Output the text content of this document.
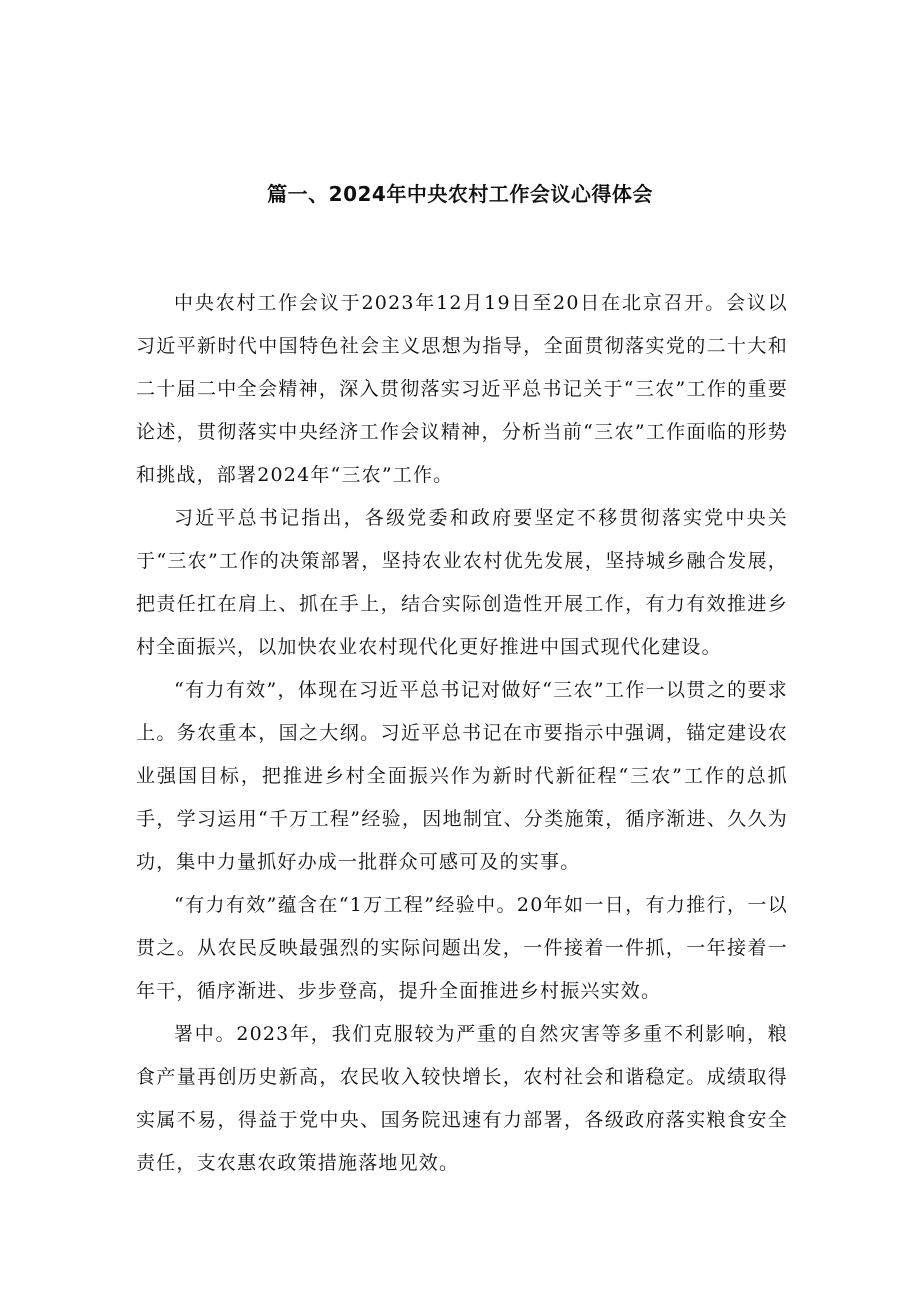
篇一、2024年中央农村工作会议心得体会

中央农村工作会议于2023年12月19日至20日在北京召开。会议以习近平新时代中国特色社会主义思想为指导，全面贯彻落实党的二十大和二十届二中全会精神，深入贯彻落实习近平总书记关于“三农”工作的重要论述，贯彻落实中央经济工作会议精神，分析当前“三农”工作面临的形势和挑战，部署2024年“三农”工作。

习近平总书记指出，各级党委和政府要坚定不移贯彻落实党中央关于“三农”工作的决策部署，坚持农业农村优先发展，坚持城乡融合发展，把责任扛在肩上、抓在手上，结合实际创造性开展工作，有力有效推进乡村全面振兴，以加快农业农村现代化更好推进中国式现代化建设。

“有力有效”，体现在习近平总书记对做好“三农”工作一以贯之的要求上。务农重本，国之大纲。习近平总书记在市要指示中强调，锚定建设农业强国目标，把推进乡村全面振兴作为新时代新征程“三农”工作的总抓手，学习运用“千万工程”经验，因地制宜、分类施策，循序渐进、久久为功，集中力量抓好办成一批群众可感可及的实事。

“有力有效”蕴含在“1万工程”经验中。20年如一日，有力推行，一以贯之。从农民反映最强烈的实际问题出发，一件接着一件抓，一年接着一年干，循序渐进、步步登高，提升全面推进乡村振兴实效。

署中。2023年，我们克服较为严重的自然灾害等多重不利影响，粮食产量再创历史新高，农民收入较快增长，农村社会和谐稳定。成绩取得实属不易，得益于党中央、国务院迅速有力部署，各级政府落实粮食安全责任，支农惠农政策措施落地见效。
